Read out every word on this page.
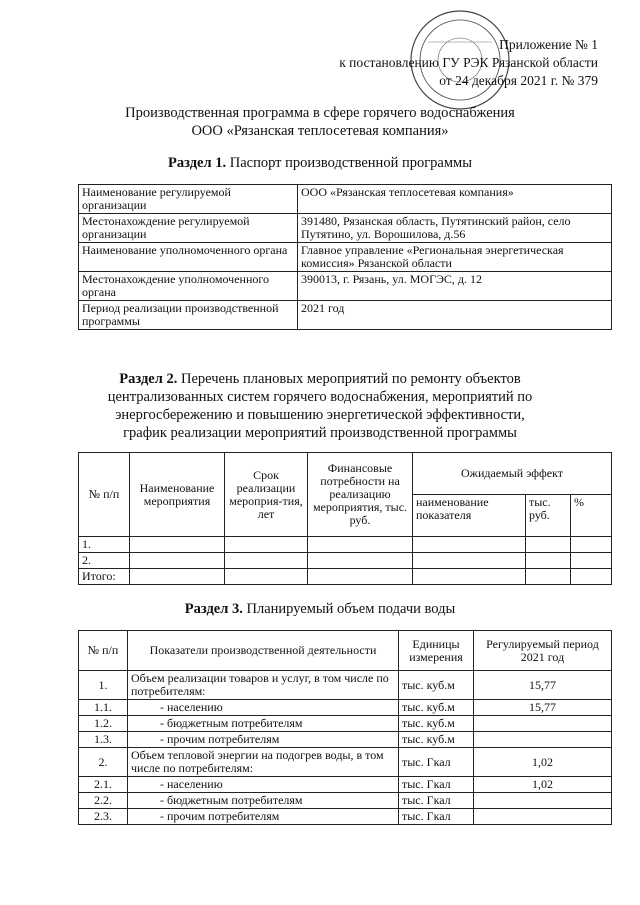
Приложение № 1
к постановлению ГУ РЭК Рязанской области
от 24 декабря 2021 г. № 379
Производственная программа в сфере горячего водоснабжения
ООО «Рязанская теплосетевая компания»
Раздел 1. Паспорт производственной программы
Наименование регулируемой организации	ООО «Рязанская теплосетевая компания»
Местонахождение регулируемой организации	391480, Рязанская область, Путятинский район, село Путятино, ул. Ворошилова, д.56
Наименование уполномоченного органа	Главное управление «Региональная энергетическая комиссия» Рязанской области
Местонахождение уполномоченного органа	390013, г. Рязань, ул. МОГЭС, д. 12
Период реализации производственной программы	2021 год
Раздел 2. Перечень плановых мероприятий по ремонту объектов централизованных систем горячего водоснабжения, мероприятий по энергосбережению и повышению энергетической эффективности, график реализации мероприятий производственной программы
№ п/п	Наименование мероприятия	Срок реализации мероприя-тия, лет	Финансовые потребности на реализацию мероприятия, тыс. руб.	Ожидаемый эффект		
				наименование показателя	тыс. руб.	%
1.						
2.						
Итого:						
Раздел 3. Планируемый объем подачи воды
№ п/п	Показатели производственной деятельности	Единицы измерения	Регулируемый период 2021 год
1.	Объем реализации товаров и услуг, в том числе по потребителям:	тыс. куб.м	15,77
1.1.	- населению	тыс. куб.м	15,77
1.2.	- бюджетным потребителям	тыс. куб.м	
1.3.	- прочим потребителям	тыс. куб.м	
2.	Объем тепловой энергии на подогрев воды, в том числе по потребителям:	тыс. Гкал	1,02
2.1.	- населению	тыс. Гкал	1,02
2.2.	- бюджетным потребителям	тыс. Гкал	
2.3.	- прочим потребителям	тыс. Гкал	
